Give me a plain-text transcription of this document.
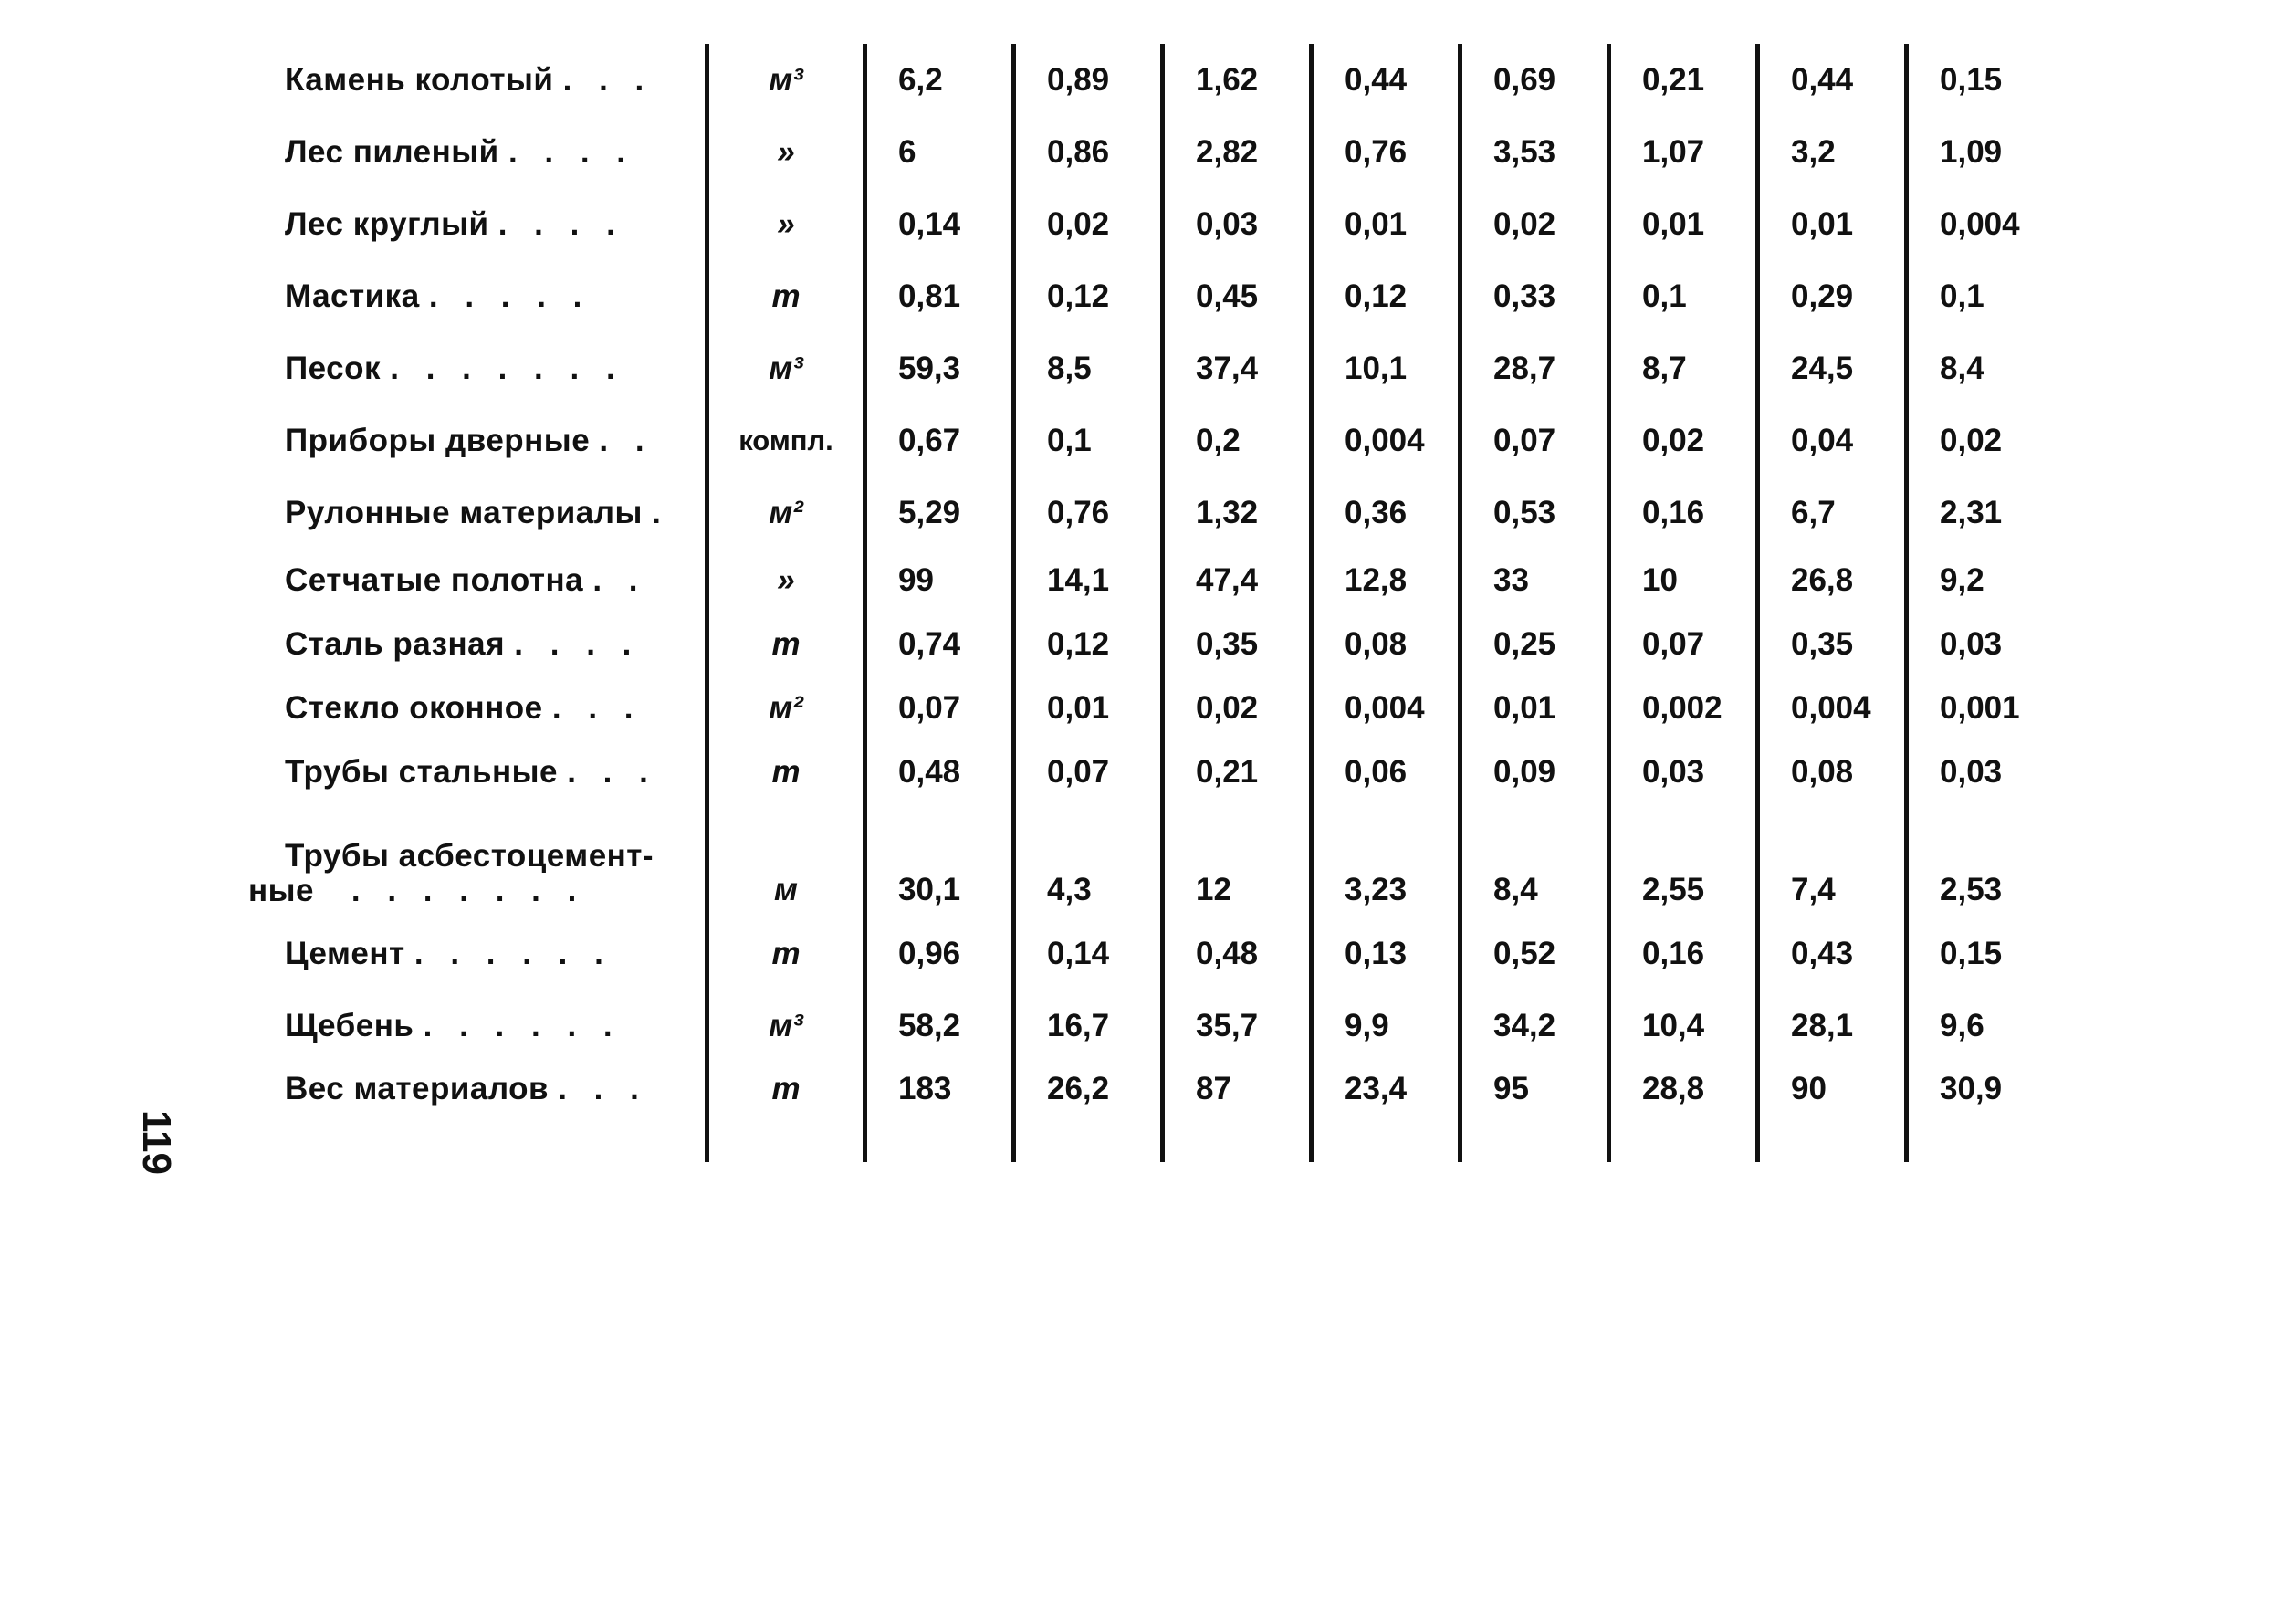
119
Камень колотый . . .	м³	6,2	0,89	1,62	0,44	0,69	0,21	0,44	0,15
Лес пиленый . . . .	»	6	0,86	2,82	0,76	3,53	1,07	3,2	1,09
Лес круглый . . . .	»	0,14	0,02	0,03	0,01	0,02	0,01	0,01	0,004
Мастика . . . . .	т	0,81	0,12	0,45	0,12	0,33	0,1	0,29	0,1
Песок . . . . . . .	м³	59,3	8,5	37,4	10,1	28,7	8,7	24,5	8,4
Приборы дверные . .	компл.	0,67	0,1	0,2	0,004	0,07	0,02	0,04	0,02
Рулонные материалы .	м²	5,29	0,76	1,32	0,36	0,53	0,16	6,7	2,31
Сетчатые полотна . .	»	99	14,1	47,4	12,8	33	10	26,8	9,2
Сталь разная . . . .	т	0,74	0,12	0,35	0,08	0,25	0,07	0,35	0,03
Стекло оконное . . .	м²	0,07	0,01	0,02	0,004	0,01	0,002	0,004	0,001
Трубы стальные . . .	т	0,48	0,07	0,21	0,06	0,09	0,03	0,08	0,03

Трубы асбестоцемент-
ные . . . . . . .	м	30,1	4,3	12	3,23	8,4	2,55	7,4	2,53
Цемент . . . . . .	т	0,96	0,14	0,48	0,13	0,52	0,16	0,43	0,15
Щебень . . . . . .	м³	58,2	16,7	35,7	9,9	34,2	10,4	28,1	9,6
Вес материалов . . .	т	183	26,2	87	23,4	95	28,8	90	30,9
